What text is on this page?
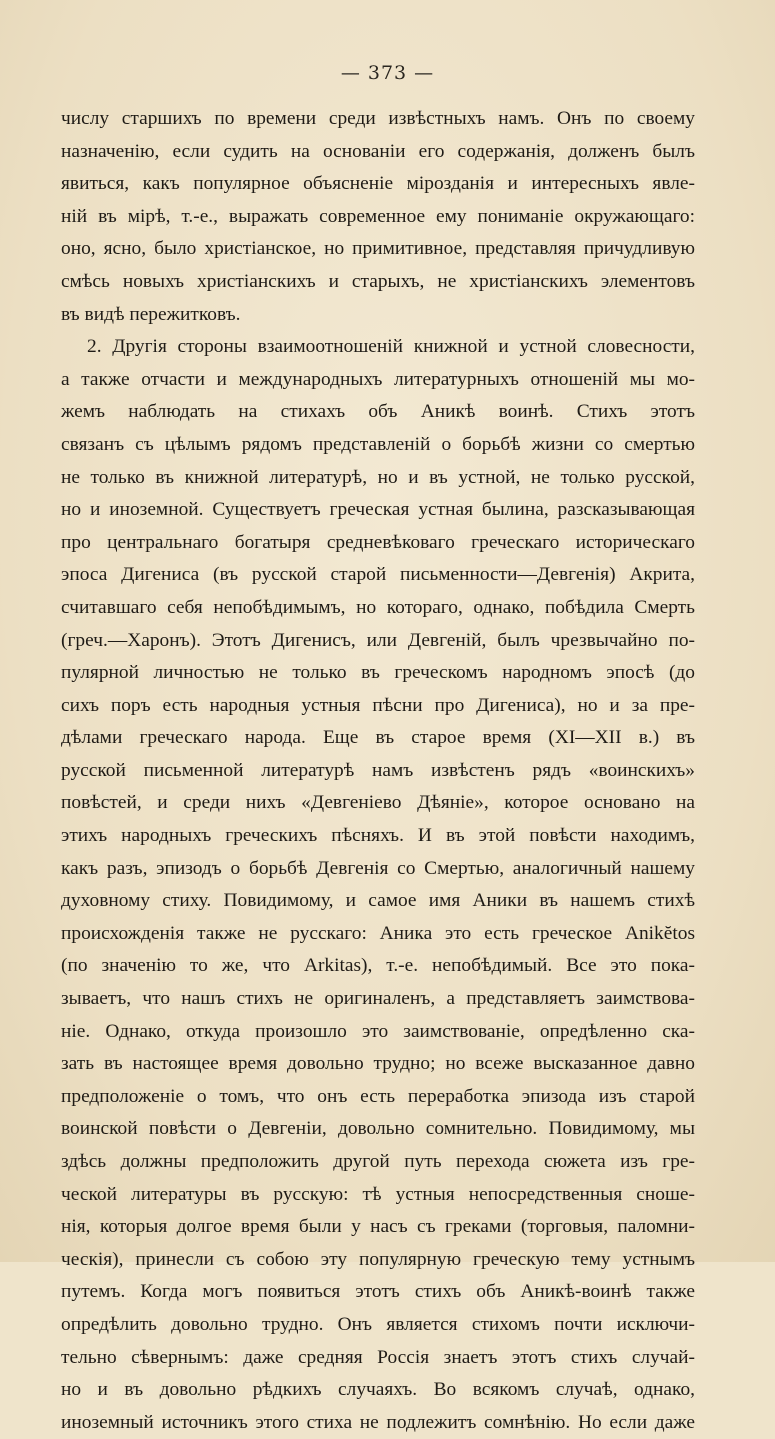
— 373 —
числу старшихъ по времени среди извѣстныхъ намъ. Онъ по своему
назначенію, если судить на основаніи его содержанія, долженъ былъ
явиться, какъ популярное объясненіе мірозданія и интересныхъ явле-
ній въ мірѣ, т.-е., выражать современное ему пониманіе окружающаго:
оно, ясно, было христіанское, но примитивное, представляя причудливую
смѣсь новыхъ христіанскихъ и старыхъ, не христіанскихъ элементовъ
въ видѣ пережитковъ.
2. Другія стороны взаимоотношеній книжной и устной словесности,
а также отчасти и международныхъ литературныхъ отношеній мы мо-
жемъ наблюдать на стихахъ объ Аникѣ воинѣ. Стихъ этотъ
связанъ съ цѣлымъ рядомъ представленій о борьбѣ жизни со смертью
не только въ книжной литературѣ, но и въ устной, не только русской,
но и иноземной. Существуетъ греческая устная былина, разсказывающая
про центральнаго богатыря средневѣковаго греческаго историческаго
эпоса Дигениса (въ русской старой письменности—Девгенія) Акрита,
считавшаго себя непобѣдимымъ, но котораго, однако, побѣдила Смерть
(греч.—Харонъ). Этотъ Дигенисъ, или Девгеній, былъ чрезвычайно по-
пулярной личностью не только въ греческомъ народномъ эпосѣ (до
сихъ поръ есть народныя устныя пѣсни про Дигениса), но и за пре-
дѣлами греческаго народа. Еще въ старое время (XI—XII в.) въ
русской письменной литературѣ намъ извѣстенъ рядъ «воинскихъ»
повѣстей, и среди нихъ «Девгеніево Дѣяніе», которое основано на
этихъ народныхъ греческихъ пѣсняхъ. И въ этой повѣсти находимъ,
какъ разъ, эпизодъ о борьбѣ Девгенія со Смертью, аналогичный нашему
духовному стиху. Повидимому, и самое имя Аники въ нашемъ стихѣ
происхожденія также не русскаго: Аника это есть греческое Anikĕtos
(по значенію то же, что Arkitas), т.-е. непобѣдимый. Все это пока-
зываетъ, что нашъ стихъ не оригиналенъ, а представляетъ заимствова-
ніе. Однако, откуда произошло это заимствованіе, опредѣленно ска-
зать въ настоящее время довольно трудно; но всеже высказанное давно
предположеніе о томъ, что онъ есть переработка эпизода изъ старой
воинской повѣсти о Девгеніи, довольно сомнительно. Повидимому, мы
здѣсь должны предположить другой путь перехода сюжета изъ гре-
ческой литературы въ русскую: тѣ устныя непосредственныя сноше-
нія, которыя долгое время были у насъ съ греками (торговыя, паломни-
ческія), принесли съ собою эту популярную греческую тему устнымъ
путемъ. Когда могъ появиться этотъ стихъ объ Аникѣ-воинѣ также
опредѣлить довольно трудно. Онъ является стихомъ почти исключи-
тельно сѣвернымъ: даже средняя Россія знаетъ этотъ стихъ случай-
но и въ довольно рѣдкихъ случаяхъ. Во всякомъ случаѣ, однако,
иноземный источникъ этого стиха не подлежитъ сомнѣнію. Но если даже
